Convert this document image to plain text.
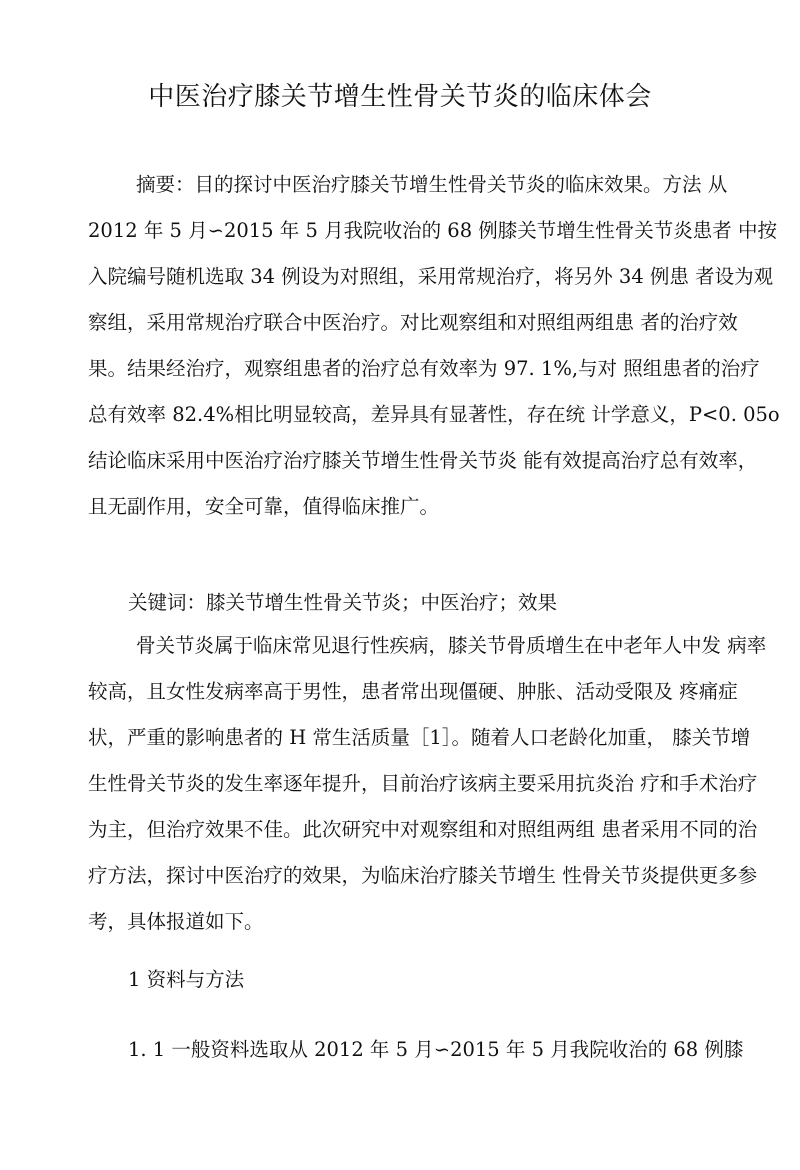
中医治疗膝关节增生性骨关节炎的临床体会
摘要：目的探讨中医治疗膝关节增生性骨关节炎的临床效果。方法 从
2012 年 5 月∽2015 年 5 月我院收治的 68 例膝关节增生性骨关节炎患者 中按
入院编号随机选取 34 例设为对照组，采用常规治疗，将另外 34 例患 者设为观
察组，采用常规治疗联合中医治疗。对比观察组和对照组两组患 者的治疗效
果。结果经治疗，观察组患者的治疗总有效率为 97. 1%,与对 照组患者的治疗
总有效率 82.4%相比明显较高，差异具有显著性，存在统 计学意义，P<0. 05o
结论临床采用中医治疗治疗膝关节增生性骨关节炎 能有效提高治疗总有效率，
且无副作用，安全可靠，值得临床推广。
关键词：膝关节增生性骨关节炎；中医治疗；效果
骨关节炎属于临床常见退行性疾病，膝关节骨质增生在中老年人中发 病率
较高，且女性发病率高于男性，患者常出现僵硬、肿胀、活动受限及 疼痛症
状，严重的影响患者的 H 常生活质量［1］。随着人口老龄化加重， 膝关节增
生性骨关节炎的发生率逐年提升，目前治疗该病主要采用抗炎治 疗和手术治疗
为主，但治疗效果不佳。此次研究中对观察组和对照组两组 患者采用不同的治
疗方法，探讨中医治疗的效果，为临床治疗膝关节增生 性骨关节炎提供更多参
考，具体报道如下。
1 资料与方法
1. 1 一般资料选取从 2012 年 5 月∽2015 年 5 月我院收治的 68 例膝
